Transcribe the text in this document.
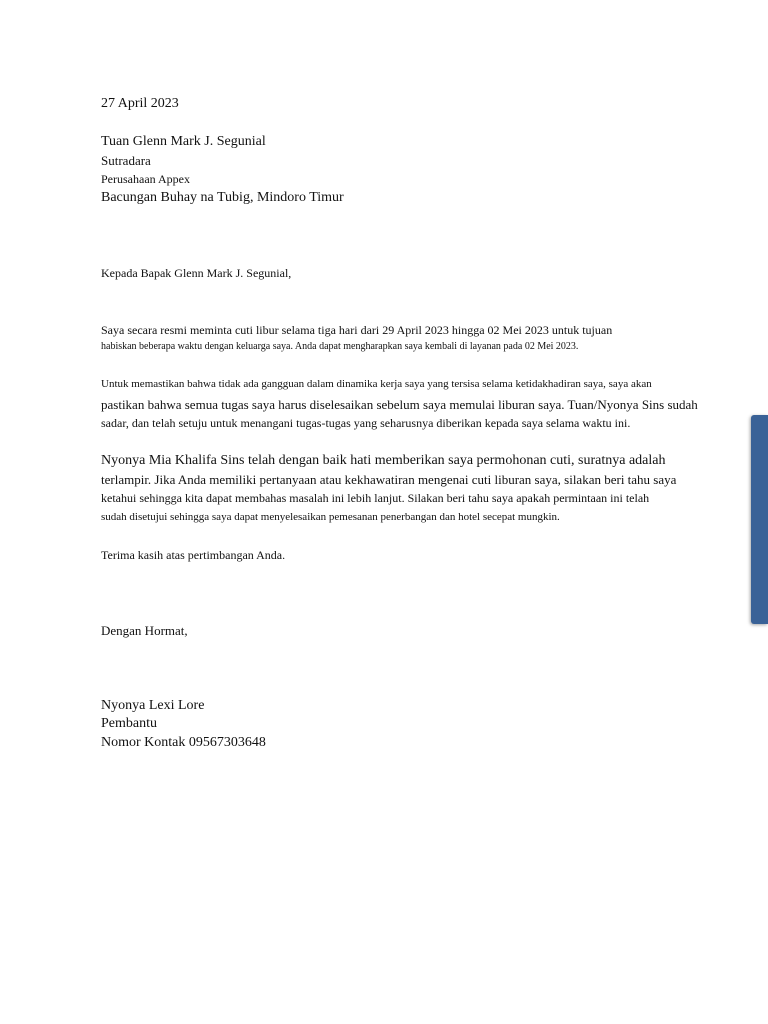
27 April 2023
Tuan Glenn Mark J. Segunial
Sutradara
Perusahaan Appex
Bacungan Buhay na Tubig, Mindoro Timur
Kepada Bapak Glenn Mark J. Segunial,
Saya secara resmi meminta cuti libur selama tiga hari dari 29 April 2023 hingga 02 Mei 2023 untuk tujuan
habiskan beberapa waktu dengan keluarga saya. Anda dapat mengharapkan saya kembali di layanan pada 02 Mei 2023.
Untuk memastikan bahwa tidak ada gangguan dalam dinamika kerja saya yang tersisa selama ketidakhadiran saya, saya akan
pastikan bahwa semua tugas saya harus diselesaikan sebelum saya memulai liburan saya. Tuan/Nyonya Sins sudah
sadar, dan telah setuju untuk menangani tugas-tugas yang seharusnya diberikan kepada saya selama waktu ini.
Nyonya Mia Khalifa Sins telah dengan baik hati memberikan saya permohonan cuti, suratnya adalah
terlampir. Jika Anda memiliki pertanyaan atau kekhawatiran mengenai cuti liburan saya, silakan beri tahu saya
ketahui sehingga kita dapat membahas masalah ini lebih lanjut. Silakan beri tahu saya apakah permintaan ini telah
sudah disetujui sehingga saya dapat menyelesaikan pemesanan penerbangan dan hotel secepat mungkin.
Terima kasih atas pertimbangan Anda.
Dengan Hormat,
Nyonya Lexi Lore
Pembantu
Nomor Kontak 09567303648
